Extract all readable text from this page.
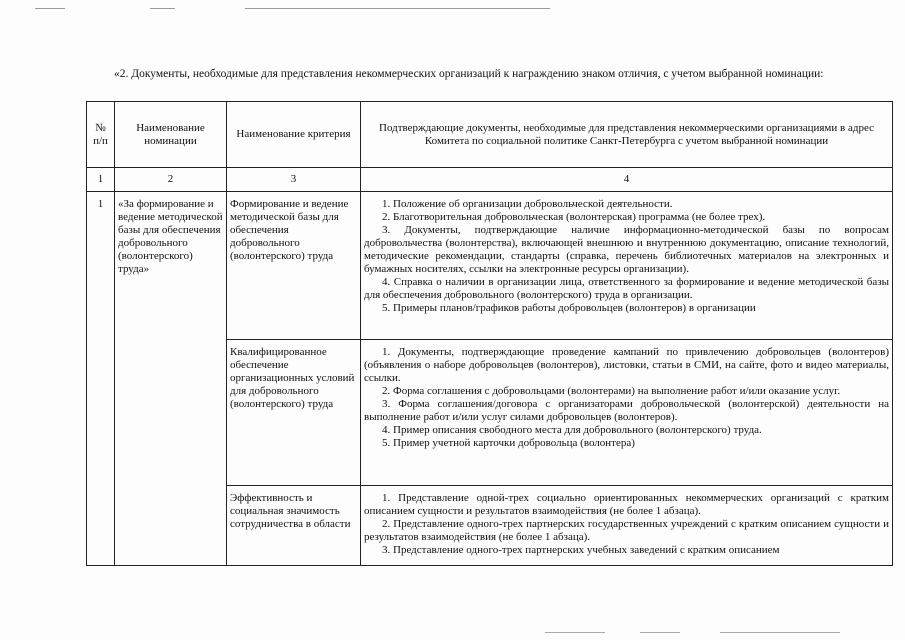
«2. Документы, необходимые для представления некоммерческих организаций к награждению знаком отличия, с учетом выбранной номинации:
№ п/п	Наименование номинации	Наименование критерия	Подтверждающие документы, необходимые для представления некоммерческими организациями в адрес Комитета по социальной политике Санкт-Петербурга с учетом выбранной номинации
1	2	3	4
1	«За формирование и ведение методической базы для обеспечения добровольного (волонтерского) труда»	Формирование и ведение методической базы для обеспечения добровольного (волонтерского) труда	1. Положение об организации добровольческой деятельности.

2. Благотворительная добровольческая (волонтерская) программа (не более трех).

3. Документы, подтверждающие наличие информационно-методической базы по вопросам добровольчества (волонтерства), включающей внешнюю и внутреннюю документацию, описание технологий, методические рекомендации, стандарты (справка, перечень библиотечных материалов на электронных и бумажных носителях, ссылки на электронные ресурсы организации).

4. Справка о наличии в организации лица, ответственного за формирование и ведение методической базы для обеспечения добровольного (волонтерского) труда в организации.

5. Примеры планов/графиков работы добровольцев (волонтеров) в организации

		Квалифицированное обеспечение организационных условий для добровольного (волонтерского) труда	1. Документы, подтверждающие проведение кампаний по привлечению добровольцев (волонтеров) (объявления о наборе добровольцев (волонтеров), листовки, статьи в СМИ, на сайте, фото и видео материалы, ссылки.

2. Форма соглашения с добровольцами (волонтерами) на выполнение работ и/или оказание услуг.

3. Форма соглашения/договора с организаторами добровольческой (волонтерской) деятельности на выполнение работ и/или услуг силами добровольцев (волонтеров).

4. Пример описания свободного места для добровольного (волонтерского) труда.

5. Пример учетной карточки добровольца (волонтера)

		Эффективность и социальная значимость сотрудничества в области	1. Представление одной-трех социально ориентированных некоммерческих организаций с кратким описанием сущности и результатов взаимодействия (не более 1 абзаца).

2. Представление одного-трех партнерских государственных учреждений с кратким описанием сущности и результатов взаимодействия (не более 1 абзаца).

3. Представление одного-трех партнерских учебных заведений с кратким описанием
